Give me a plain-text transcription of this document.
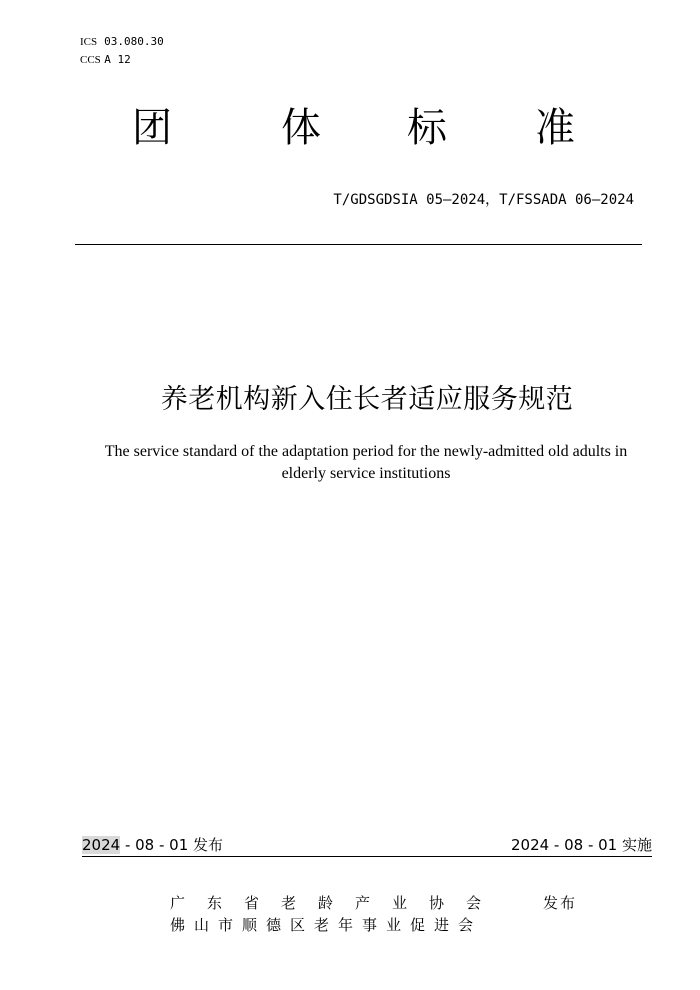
ICS 03.080.30
CCS A 12
团	体 标 准
T/GDSGDSIA 05—2024，T/FSSADA 06—2024
养老机构新入住长者适应服务规范
The service standard of the adaptation period for the newly-admitted old adults in
elderly service institutions
2024 - 08 - 01 发布	2024 - 08 - 01 实施
广东省老龄产业协会	发布
佛山市顺德区老年事业促进会
